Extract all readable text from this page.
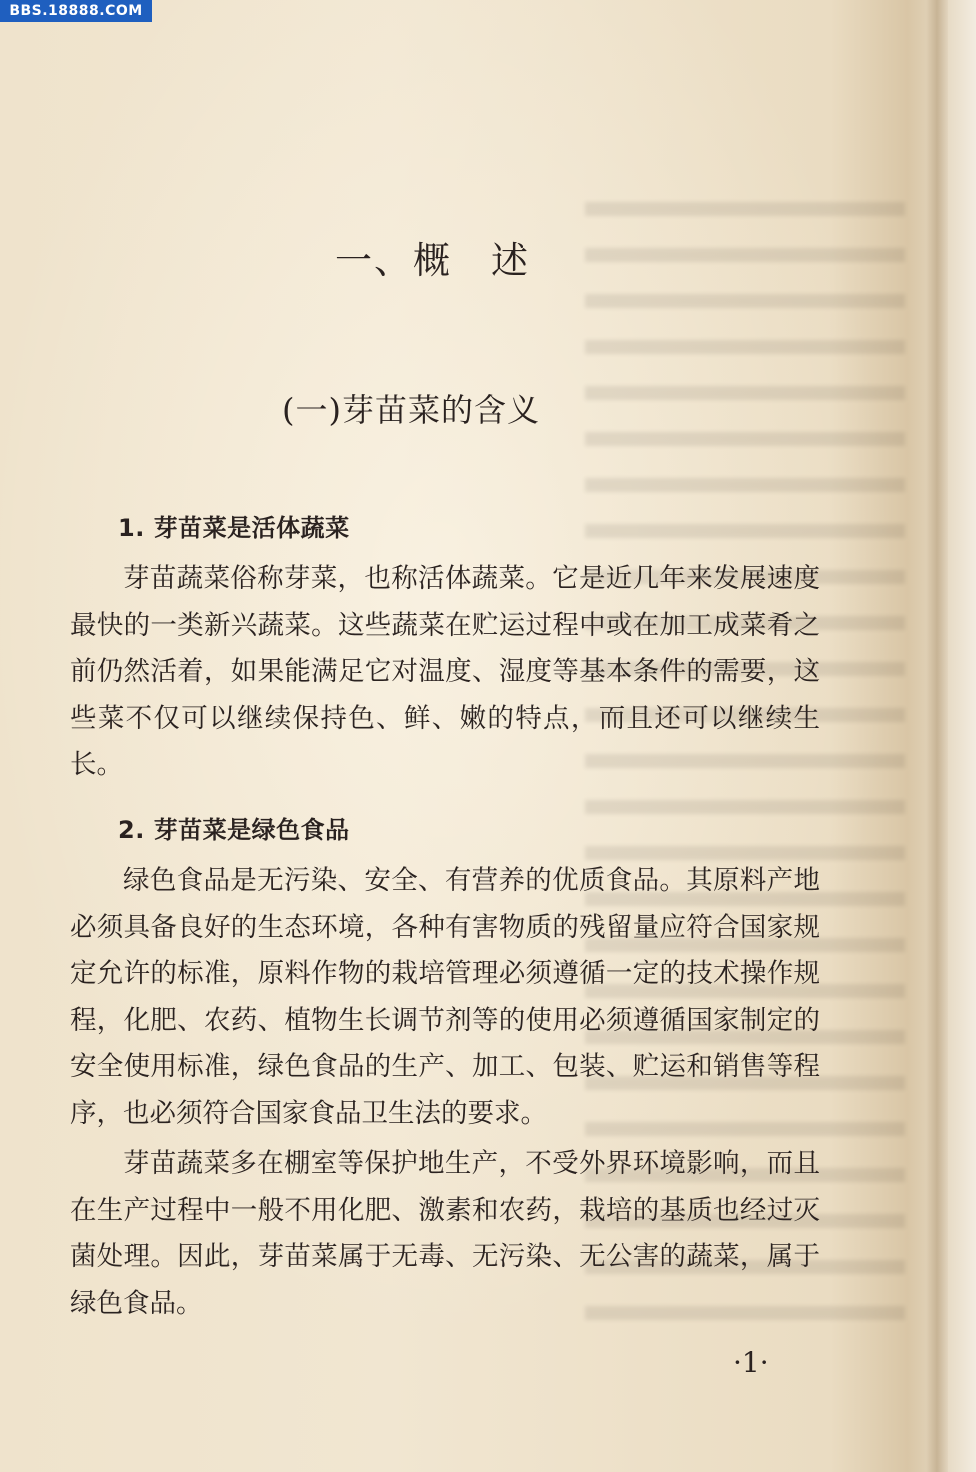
BBS.18888.COM
一、概　述
(一)芽苗菜的含义
1. 芽苗菜是活体蔬菜

芽苗蔬菜俗称芽菜，也称活体蔬菜。它是近几年来发展速度最快的一类新兴蔬菜。这些蔬菜在贮运过程中或在加工成菜肴之前仍然活着，如果能满足它对温度、湿度等基本条件的需要，这些菜不仅可以继续保持色、鲜、嫩的特点，而且还可以继续生长。

2. 芽苗菜是绿色食品

绿色食品是无污染、安全、有营养的优质食品。其原料产地必须具备良好的生态环境，各种有害物质的残留量应符合国家规定允许的标准，原料作物的栽培管理必须遵循一定的技术操作规程，化肥、农药、植物生长调节剂等的使用必须遵循国家制定的安全使用标准，绿色食品的生产、加工、包装、贮运和销售等程序，也必须符合国家食品卫生法的要求。

芽苗蔬菜多在棚室等保护地生产，不受外界环境影响，而且在生产过程中一般不用化肥、激素和农药，栽培的基质也经过灭菌处理。因此，芽苗菜属于无毒、无污染、无公害的蔬菜，属于绿色食品。

·1·
